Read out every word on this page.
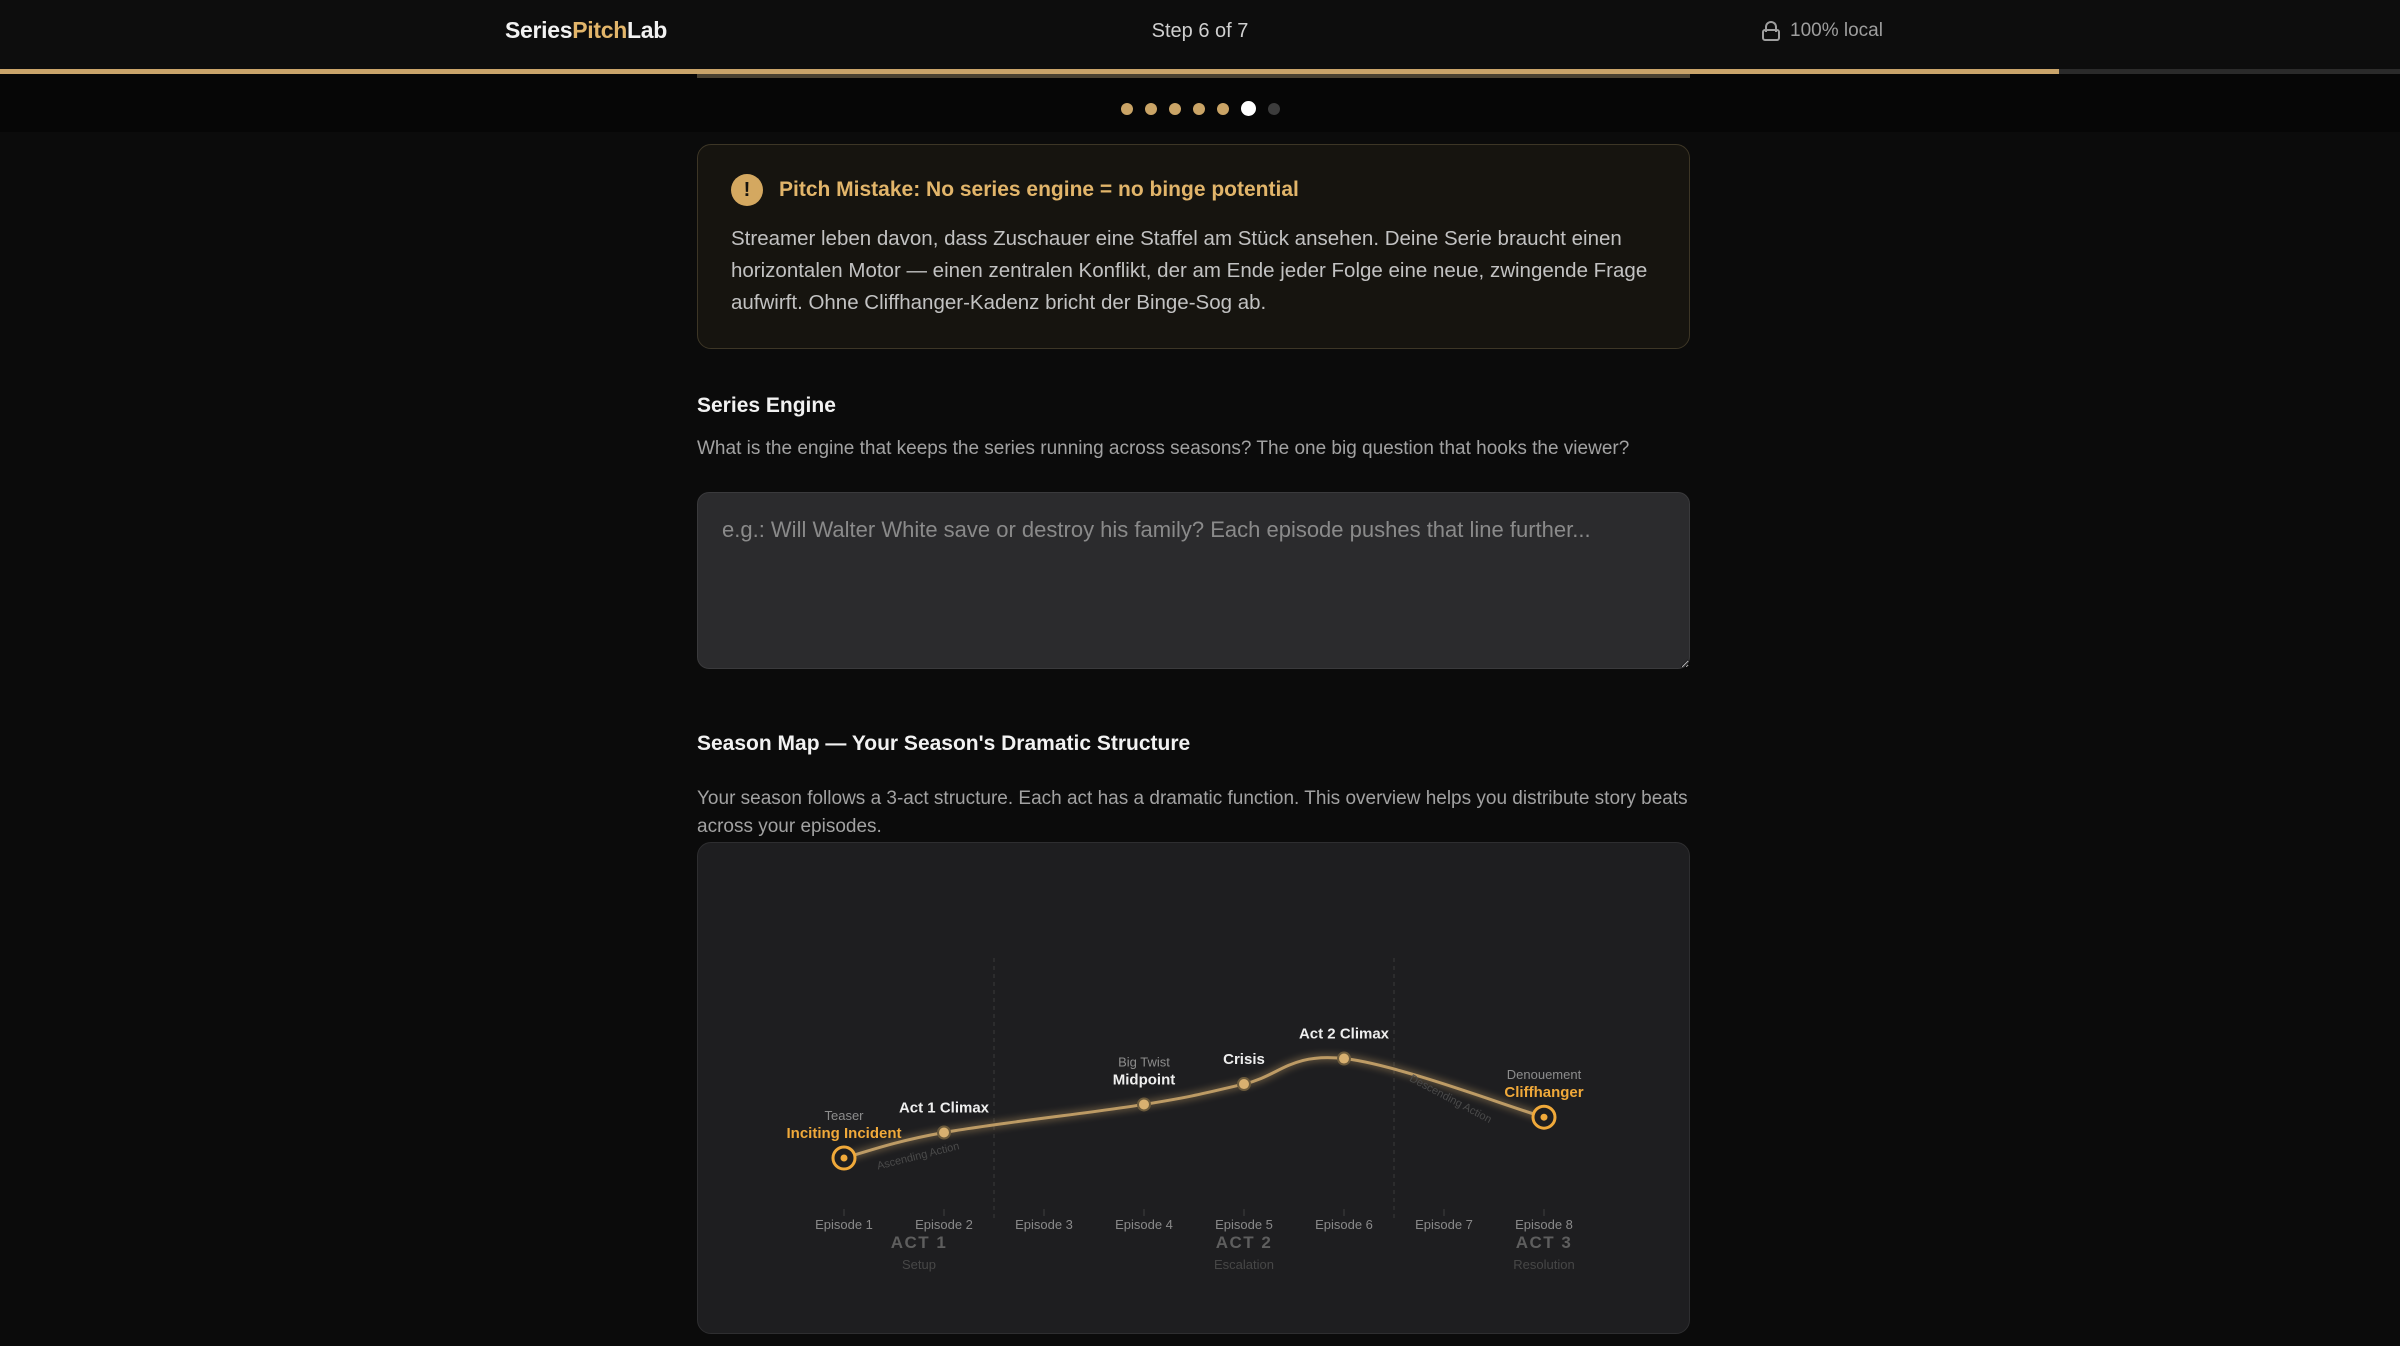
SeriesPitchLab	Step 6 of 7	100% local
!	Pitch Mistake: No series engine = no binge potential

Streamer leben davon, dass Zuschauer eine Staffel am Stück ansehen. Deine Serie braucht einen horizontalen Motor — einen zentralen Konflikt, der am Ende jeder Folge eine neue, zwingende Frage aufwirft. Ohne Cliffhanger-Kadenz bricht der Binge-Sog ab.

Series Engine

What is the engine that keeps the series running across seasons? The one big question that hooks the viewer?

e.g.: Will Walter White save or destroy his family? Each episode pushes that line further...
Season Map — Your Season's Dramatic Structure

Your season follows a 3-act structure. Each act has a dramatic function. This overview helps you distribute story beats across your episodes.

Ascending Action
Descending Action
Teaser
Inciting Incident
Act 1 Climax
Big Twist
Midpoint
Crisis
Act 2 Climax
Denouement
Cliffhanger
Episode 1	Episode 2	Episode 3	Episode 4	Episode 5	Episode 6	Episode 7	Episode 8
ACT 1
Setup
ACT 2
Escalation
ACT 3
Resolution
